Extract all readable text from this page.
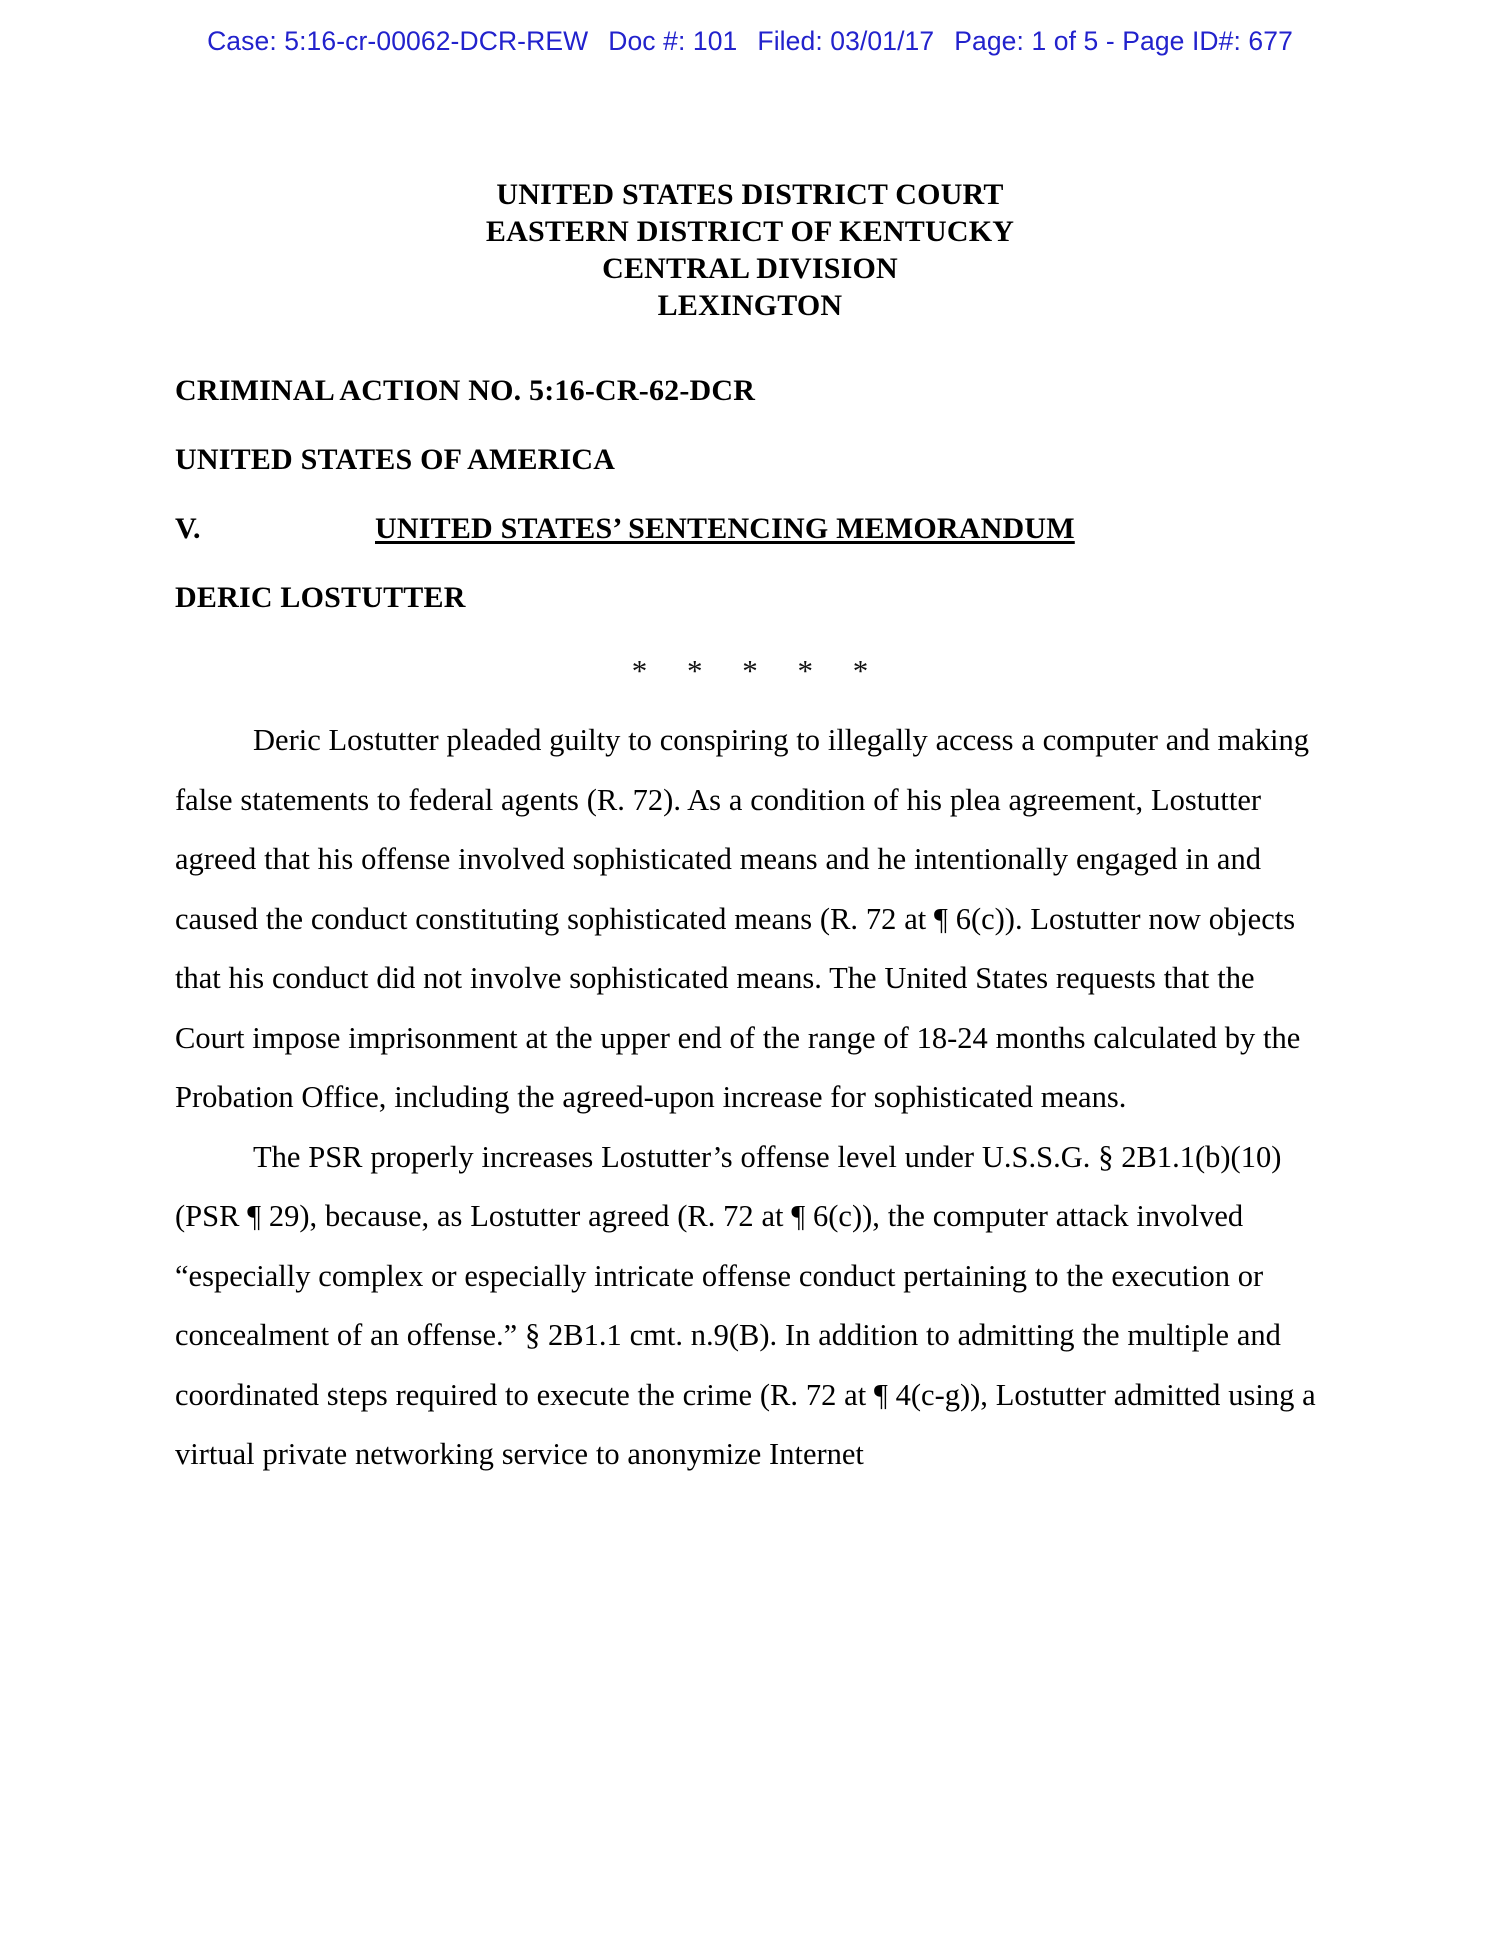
Case: 5:16-cr-00062-DCR-REW Doc #: 101 Filed: 03/01/17 Page: 1 of 5 - Page ID#: 677
UNITED STATES DISTRICT COURT
EASTERN DISTRICT OF KENTUCKY
CENTRAL DIVISION
LEXINGTON
CRIMINAL ACTION NO. 5:16-CR-62-DCR
UNITED STATES OF AMERICA
V.	UNITED STATES’ SENTENCING MEMORANDUM
DERIC LOSTUTTER
* * * * *

Deric Lostutter pleaded guilty to conspiring to illegally access a computer and making false statements to federal agents (R. 72). As a condition of his plea agreement, Lostutter agreed that his offense involved sophisticated means and he intentionally engaged in and caused the conduct constituting sophisticated means (R. 72 at ¶ 6(c)). Lostutter now objects that his conduct did not involve sophisticated means. The United States requests that the Court impose imprisonment at the upper end of the range of 18-24 months calculated by the Probation Office, including the agreed-upon increase for sophisticated means.

The PSR properly increases Lostutter’s offense level under U.S.S.G. § 2B1.1(b)(10) (PSR ¶ 29), because, as Lostutter agreed (R. 72 at ¶ 6(c)), the computer attack involved “especially complex or especially intricate offense conduct pertaining to the execution or concealment of an offense.” § 2B1.1 cmt. n.9(B). In addition to admitting the multiple and coordinated steps required to execute the crime (R. 72 at ¶ 4(c-g)), Lostutter admitted using a virtual private networking service to anonymize Internet
